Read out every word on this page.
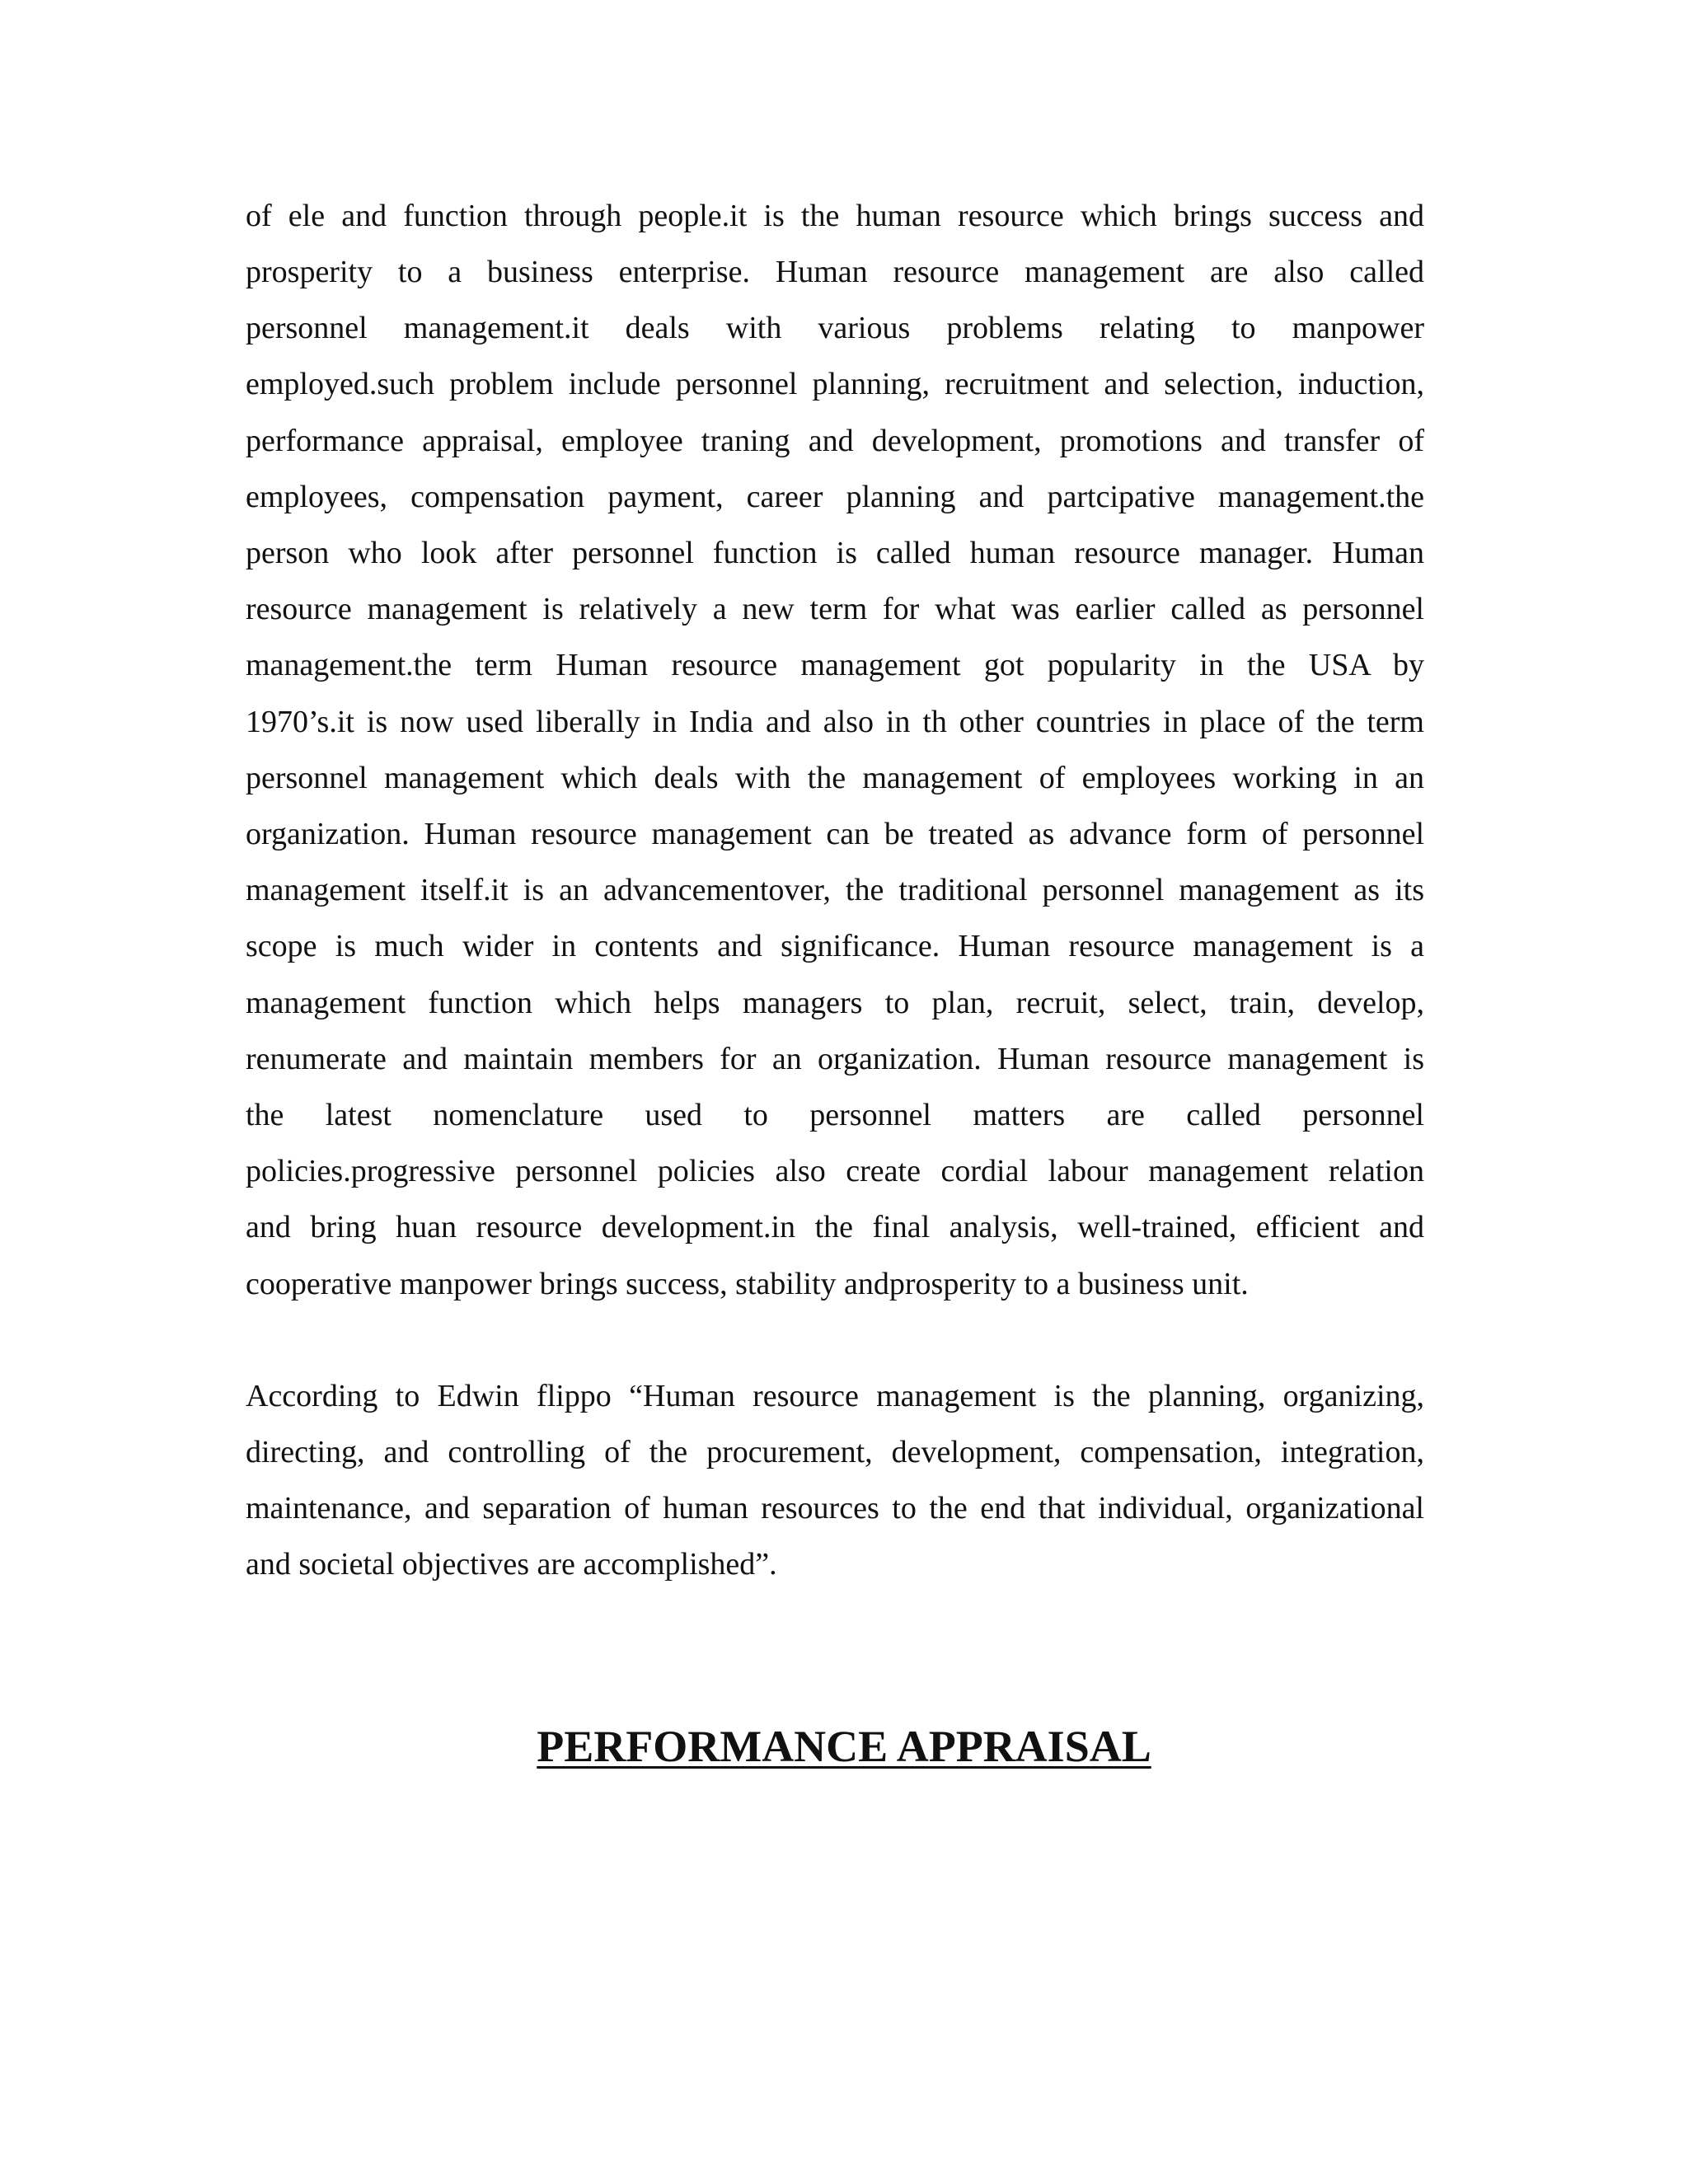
of ele and function through people.it is the human resource which brings success and

prosperity to a business enterprise. Human resource management are also called

personnel management.it deals with various problems relating to manpower

employed.such problem include personnel planning, recruitment and selection, induction,

performance appraisal, employee traning and development, promotions and transfer of

employees, compensation payment, career planning and partcipative management.the

person who look after personnel function is called human resource manager. Human

resource management is relatively a new term for what was earlier called as personnel

management.the term Human resource management got popularity in the USA by

1970’s.it is now used liberally in India and also in th other countries in place of the term

personnel management which deals with the management of employees working in an

organization. Human resource management can be treated as advance form of personnel

management itself.it is an advancementover, the traditional personnel management as its

scope is much wider in contents and significance. Human resource management is a

management function which helps managers to plan, recruit, select, train, develop,

renumerate and maintain members for an organization. Human resource management is

the latest nomenclature used to personnel matters are called personnel

policies.progressive personnel policies also create cordial labour management relation

and bring huan resource development.in the final analysis, well-trained, efficient and

cooperative manpower brings success, stability andprosperity to a business unit.

According to Edwin flippo “Human resource management is the planning, organizing,

directing, and controlling of the procurement, development, compensation, integration,

maintenance, and separation of human resources to the end that individual, organizational

and societal objectives are accomplished”.

PERFORMANCE APPRAISAL
